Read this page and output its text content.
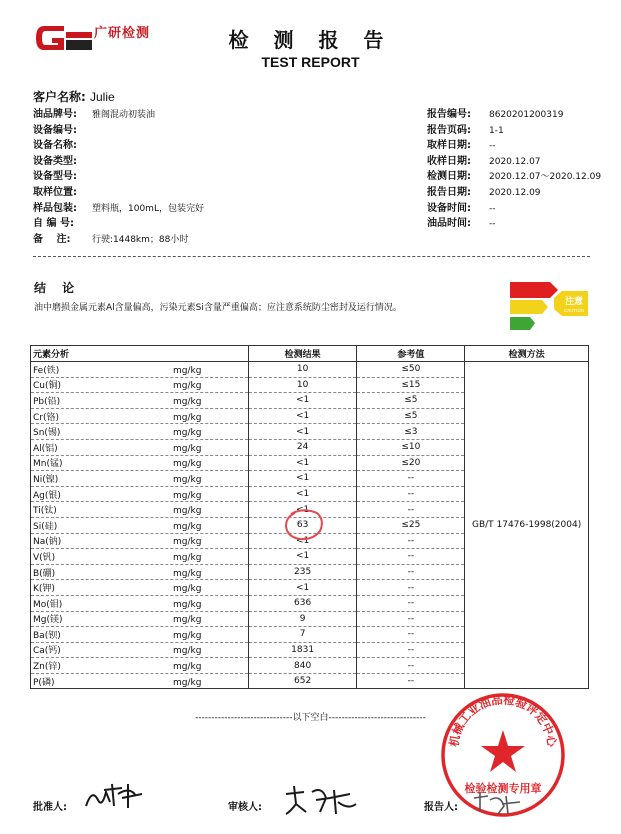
广研检测	检 测 报 告
TEST REPORT
客户名称: Julie
油品牌号: 雅阁混动初装油
设备编号:
设备名称:
设备类型:
设备型号:
取样位置:
样品包装: 塑料瓶，100mL，包装完好
自 编 号:
备　 注: 行驶:1448km；88小时
报告编号: 8620201200319
报告页码: 1-1
取样日期: --
收样日期: 2020.12.07
检测日期: 2020.12.07～2020.12.09
报告日期: 2020.12.09
设备时间: --
油品时间: --
结 论
油中磨损金属元素Al含量偏高，污染元素Si含量严重偏高；应注意系统防尘密封及运行情况。
注意
CAUTION
元素分析	检测结果	参考值	检测方法
Fe(铁) mg/kg	10	≤50	GB/T 17476-1998(2004)
Cu(铜) mg/kg	10	≤15	
Pb(铅) mg/kg	<1	≤5	
Cr(铬) mg/kg	<1	≤5	
Sn(锡) mg/kg	<1	≤3	
Al(铝) mg/kg	24	≤10	
Mn(锰) mg/kg	<1	≤20	
Ni(镍) mg/kg	<1	--	
Ag(银) mg/kg	<1	--	
Ti(钛) mg/kg	<1	--	
Si(硅) mg/kg	63	≤25	
Na(钠) mg/kg	<1	--	
V(钒) mg/kg	<1	--	
B(硼) mg/kg	235	--	
K(钾) mg/kg	<1	--	
Mo(钼) mg/kg	636	--	
Mg(镁) mg/kg	9	--	
Ba(钡) mg/kg	7	--	
Ca(钙) mg/kg	1831	--	
Zn(锌) mg/kg	840	--	
P(磷) mg/kg	652	--	
------------------------------以下空白------------------------------
机械工业油品检验评定中心
检验检测专用章
批准人:	审核人:	报告人:
